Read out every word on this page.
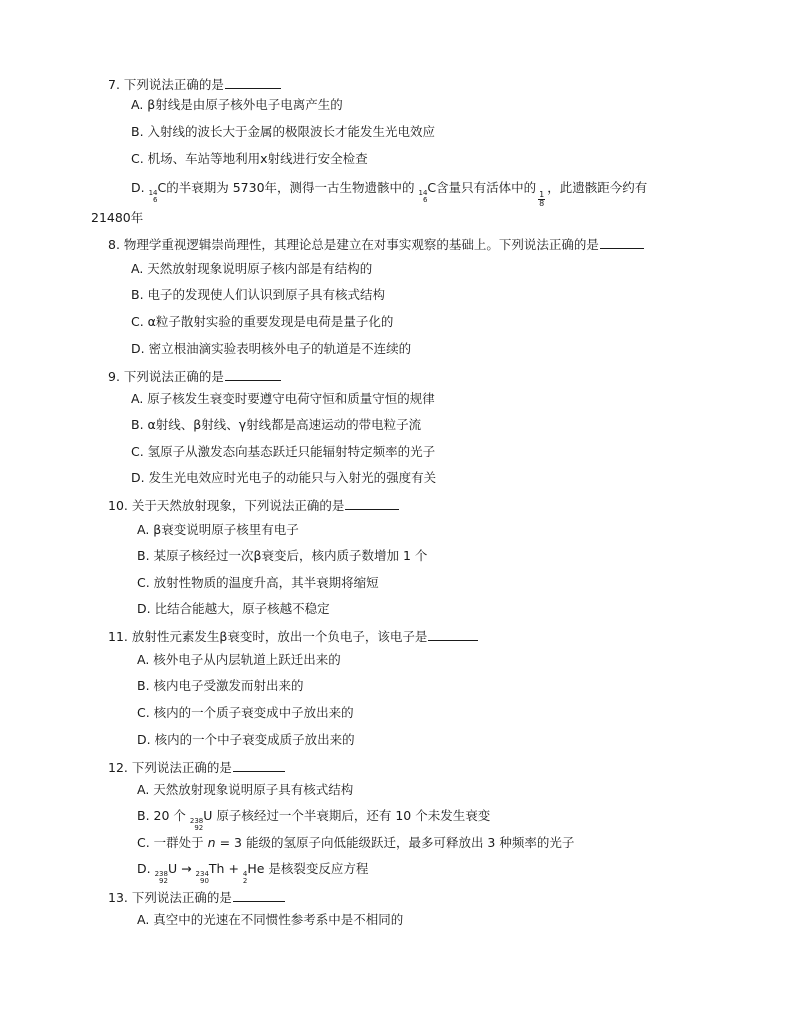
7. 下列说法正确的是
A. β射线是由原子核外电子电离产生的
B. 入射线的波长大于金属的极限波长才能发生光电效应
C. 机场、车站等地利用x射线进行安全检查
D. 14
6
C的半衰期为 5730年，测得一古生物遗骸中的 14
6
C含量只有活体中的
$\frac{1}{8}$
，此遗骸距今约有
21480年
8. 物理学重视逻辑崇尚理性，其理论总是建立在对事实观察的基础上。下列说法正确的是
A. 天然放射现象说明原子核内部是有结构的
B. 电子的发现使人们认识到原子具有核式结构
C. α粒子散射实验的重要发现是电荷是量子化的
D. 密立根油滴实验表明核外电子的轨道是不连续的
9. 下列说法正确的是
A. 原子核发生衰变时要遵守电荷守恒和质量守恒的规律
B. α射线、β射线、γ射线都是高速运动的带电粒子流
C. 氢原子从激发态向基态跃迁只能辐射特定频率的光子
D. 发生光电效应时光电子的动能只与入射光的强度有关
10. 关于天然放射现象，下列说法正确的是
A. β衰变说明原子核里有电子
B. 某原子核经过一次β衰变后，核内质子数增加 1 个
C. 放射性物质的温度升高，其半衰期将缩短
D. 比结合能越大，原子核越不稳定
11. 放射性元素发生β衰变时，放出一个负电子，该电子是
A. 核外电子从内层轨道上跃迁出来的
B. 核内电子受激发而射出来的
C. 核内的一个质子衰变成中子放出来的
D. 核内的一个中子衰变成质子放出来的
12. 下列说法正确的是
A. 天然放射现象说明原子具有核式结构
B. 20 个 238
92
U 原子核经过一个半衰期后，还有 10 个未发生衰变
C. 一群处于 n = 3 能级的氢原子向低能级跃迁，最多可释放出 3 种频率的光子
D. 238
92
U → 234
90
Th + 4
2
He 是核裂变反应方程
13. 下列说法正确的是
A. 真空中的光速在不同惯性参考系中是不相同的
